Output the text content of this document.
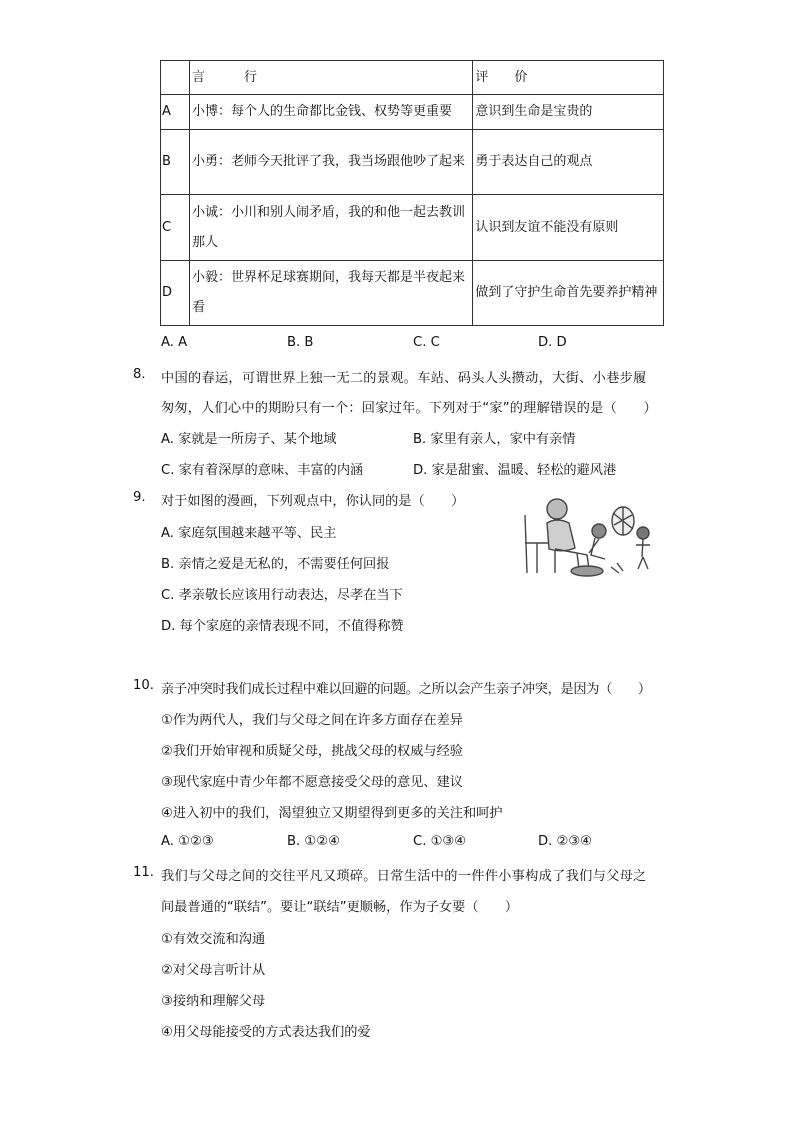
	言　　　行	评　　价
A	小博：每个人的生命都比金钱、权势等更重要	意识到生命是宝贵的
B	小勇：老师今天批评了我，我当场跟他吵了起来	勇于表达自己的观点
C	小诚：小川和别人闹矛盾，我的和他一起去教训那人	认识到友谊不能没有原则
D	小毅：世界杯足球赛期间，我每天都是半夜起来看	做到了守护生命首先要养护精神
A. A	B. B	C. C	D. D
8. 中国的春运，可谓世界上独一无二的景观。车站、码头人头攒动，大街、小巷步履
匆匆，人们心中的期盼只有一个：回家过年。下列对于“家”的理解错误的是（　　）
A. 家就是一所房子、某个地域	B. 家里有亲人，家中有亲情
C. 家有着深厚的意味、丰富的内涵	D. 家是甜蜜、温暖、轻松的避风港
9. 对于如图的漫画，下列观点中，你认同的是（　　）
A. 家庭氛围越来越平等、民主
B. 亲情之爱是无私的，不需要任何回报
C. 孝亲敬长应该用行动表达，尽孝在当下
D. 每个家庭的亲情表现不同，不值得称赞
10. 亲子冲突时我们成长过程中难以回避的问题。之所以会产生亲子冲突，是因为（　　）
①作为两代人，我们与父母之间在许多方面存在差异
②我们开始审视和质疑父母，挑战父母的权威与经验
③现代家庭中青少年都不愿意接受父母的意见、建议
④进入初中的我们，渴望独立又期望得到更多的关注和呵护
A. ①②③	B. ①②④	C. ①③④	D. ②③④
11. 我们与父母之间的交往平凡又琐碎。日常生活中的一件件小事构成了我们与父母之
间最普通的“联结”。要让“联结”更顺畅，作为子女要（　　）
①有效交流和沟通
②对父母言听计从
③接纳和理解父母
④用父母能接受的方式表达我们的爱
